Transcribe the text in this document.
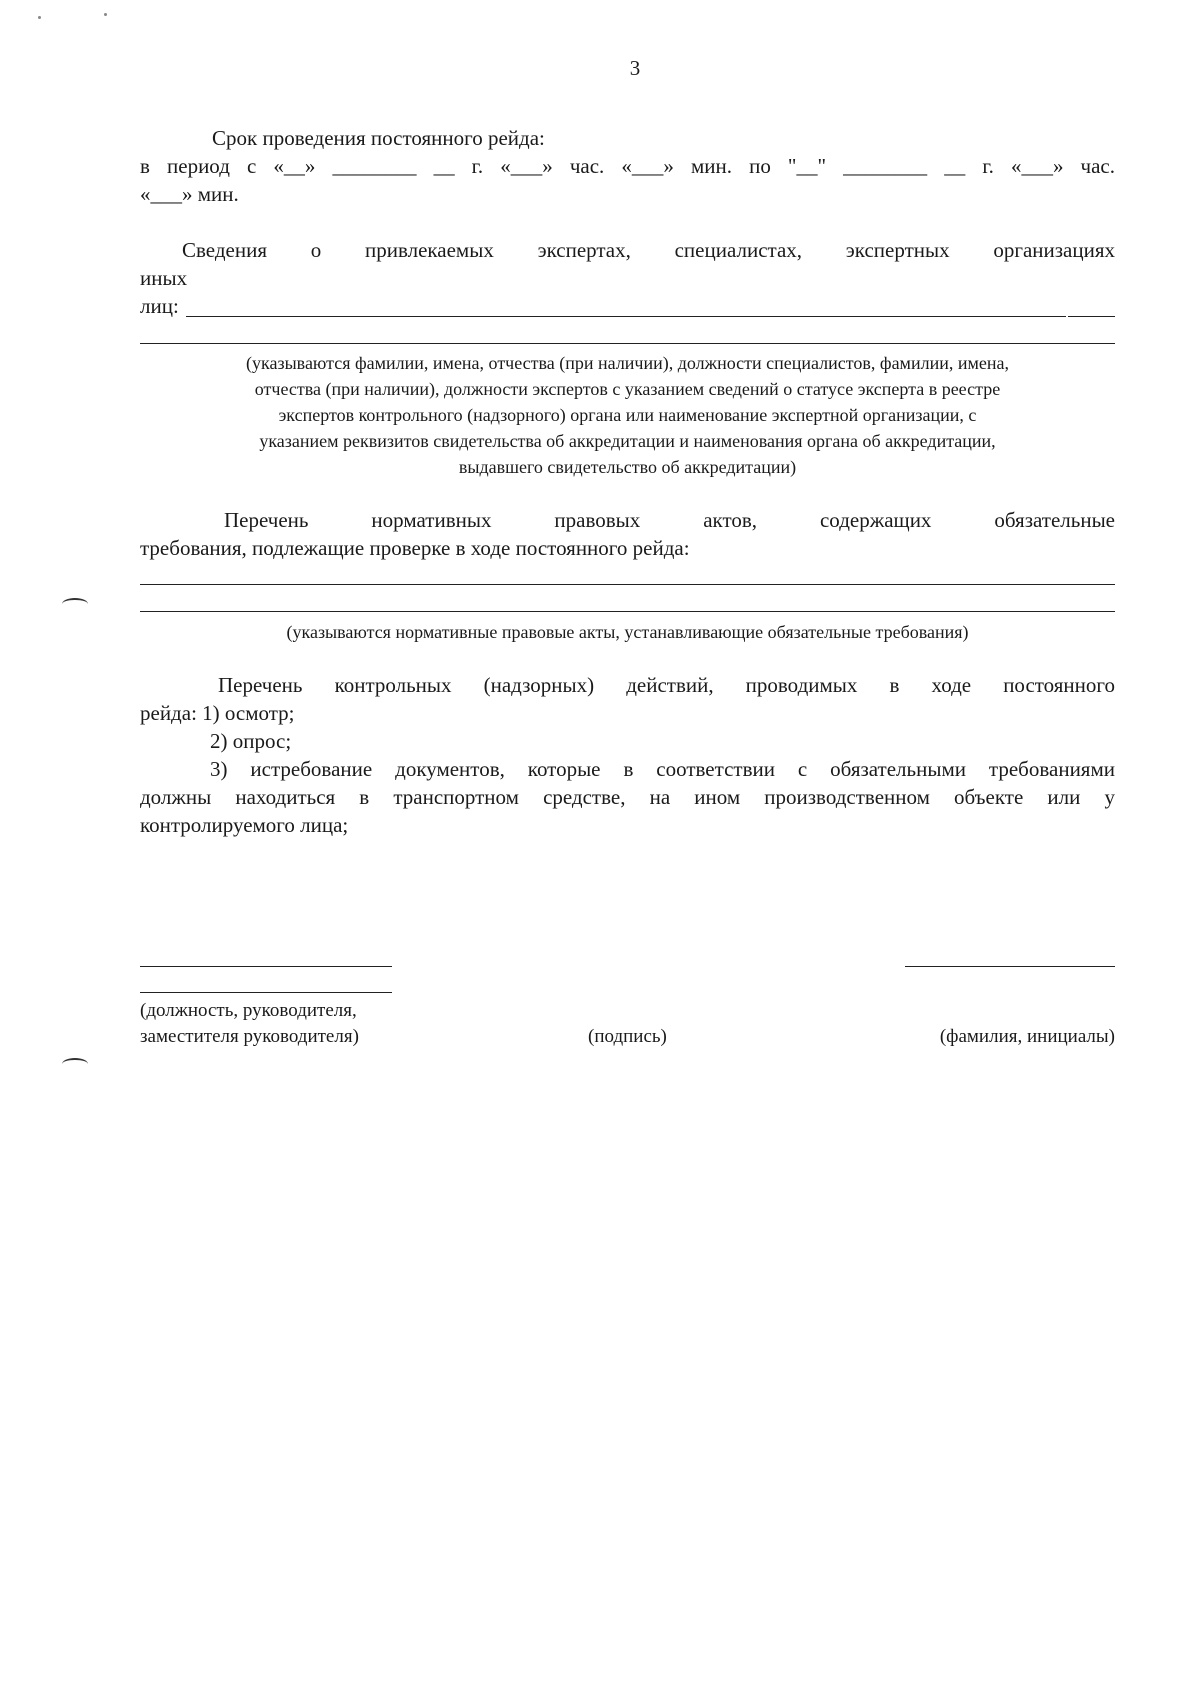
3
Срок проведения постоянного рейда:
в период с «__» ________ __ г. «___» час. «___» мин. по "__" ________ __ г. «___» час.
«___» мин.
Сведения о привлекаемых экспертах, специалистах, экспертных организациях
иных
лиц:
(указываются фамилии, имена, отчества (при наличии), должности специалистов, фамилии, имена,
отчества (при наличии), должности экспертов с указанием сведений о статусе эксперта в реестре
экспертов контрольного (надзорного) органа или наименование экспертной организации, с
указанием реквизитов свидетельства об аккредитации и наименования органа об аккредитации,
выдавшего свидетельство об аккредитации)
Перечень нормативных правовых актов, содержащих обязательные
требования, подлежащие проверке в ходе постоянного рейда:
(указываются нормативные правовые акты, устанавливающие обязательные требования)
Перечень контрольных (надзорных) действий, проводимых в ходе постоянного
рейда: 1) осмотр;
2) опрос;
3) истребование документов, которые в соответствии с обязательными требованиями
должны находиться в транспортном средстве, на ином производственном объекте или у
контролируемого лица;
(должность, руководителя,
заместителя руководителя)	(подпись)	(фамилия, инициалы)
